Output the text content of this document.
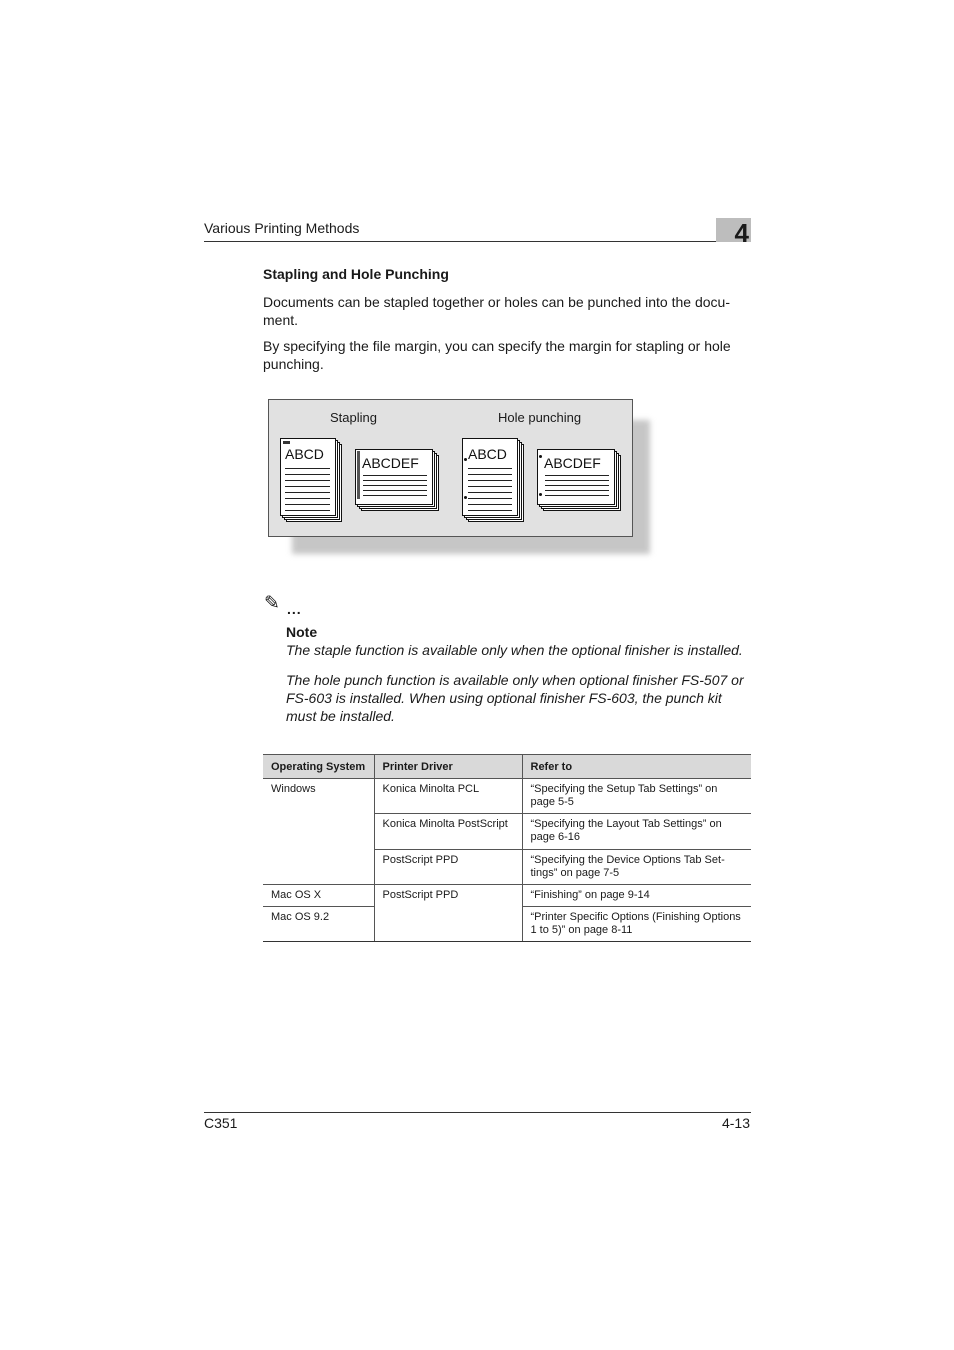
Various Printing Methods	4
Stapling and Hole Punching
Documents can be stapled together or holes can be punched into the docu-ment.
By specifying the file margin, you can specify the margin for stapling or hole punching.
Stapling	Hole punching
ABCD
ABCDEF
ABCD
ABCDEF
✎ ...
Note
The staple function is available only when the optional finisher is installed.
The hole punch function is available only when optional finisher FS-507 or FS-603 is installed. When using optional finisher FS-603, the punch kit must be installed.
Operating System	Printer Driver	Refer to
Windows	Konica Minolta PCL	“Specifying the Setup Tab Settings” on page 5-5
	Konica Minolta PostScript	“Specifying the Layout Tab Settings” on page 6-16
	PostScript PPD	“Specifying the Device Options Tab Set-tings” on page 7-5
Mac OS X	PostScript PPD	“Finishing” on page 9-14
Mac OS 9.2		“Printer Specific Options (Finishing Options 1 to 5)” on page 8-11
C351	4-13
